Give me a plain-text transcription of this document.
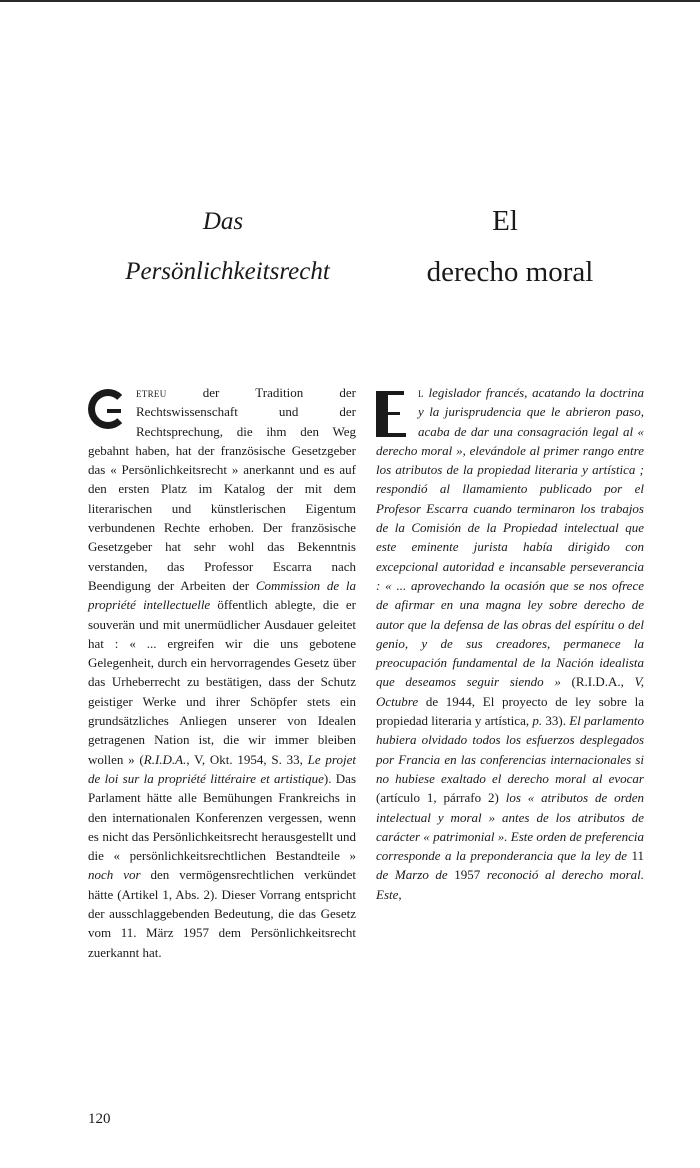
Das
Persönlichkeitsrecht
El
derecho moral
etreu der Tradition der Rechtswissenschaft und der Rechtsprechung, die ihm den Weg gebahnt haben, hat der französische Gesetzgeber das « Persönlichkeitsrecht » anerkannt und es auf den ersten Platz im Katalog der mit dem literarischen und künstlerischen Eigentum verbundenen Rechte erhoben. Der französische Gesetzgeber hat sehr wohl das Bekenntnis verstanden, das Professor Escarra nach Beendigung der Arbeiten der Commission de la propriété intellectuelle öffentlich ablegte, die er souverän und mit unermüdlicher Ausdauer geleitet hat : « ... ergreifen wir die uns gebotene Gelegenheit, durch ein hervorragendes Gesetz über das Urheberrecht zu bestätigen, dass der Schutz geistiger Werke und ihrer Schöpfer stets ein grundsätzliches Anliegen unserer von Idealen getragenen Nation ist, die wir immer bleiben wollen » (R.I.D.A., V, Okt. 1954, S. 33, Le projet de loi sur la propriété littéraire et artistique). Das Parlament hätte alle Bemühungen Frankreichs in den internationalen Konferenzen vergessen, wenn es nicht das Persönlichkeitsrecht herausgestellt und die « persönlichkeitsrechtlichen Bestandteile » noch vor den vermögensrechtlichen verkündet hätte (Artikel 1, Abs. 2). Dieser Vorrang entspricht der ausschlaggebenden Bedeutung, die das Gesetz vom 11. März 1957 dem Persönlichkeitsrecht zuerkannt hat.
l legislador francés, acatando la doctrina y la jurisprudencia que le abrieron paso, acaba de dar una consagración legal al « derecho moral », elevándole al primer rango entre los atributos de la propiedad literaria y artística ; respondió al llamamiento publicado por el Profesor Escarra cuando terminaron los trabajos de la Comisión de la Propiedad intelectual que este eminente jurista había dirigido con excepcional autoridad e incansable perseverancia : « ... aprovechando la ocasión que se nos ofrece de afirmar en una magna ley sobre derecho de autor que la defensa de las obras del espíritu o del genio, y de sus creadores, permanece la preocupación fundamental de la Nación idealista que deseamos seguir siendo » (R.I.D.A., V, Octubre de 1944, El proyecto de ley sobre la propiedad literaria y artística, p. 33). El parlamento hubiera olvidado todos los esfuerzos desplegados por Francia en las conferencias internacionales si no hubiese exaltado el derecho moral al evocar (artículo 1, párrafo 2) los « atributos de orden intelectual y moral » antes de los atributos de carácter « patrimonial ». Este orden de preferencia corresponde a la preponderancia que la ley de 11 de Marzo de 1957 reconoció al derecho moral. Este,
120
